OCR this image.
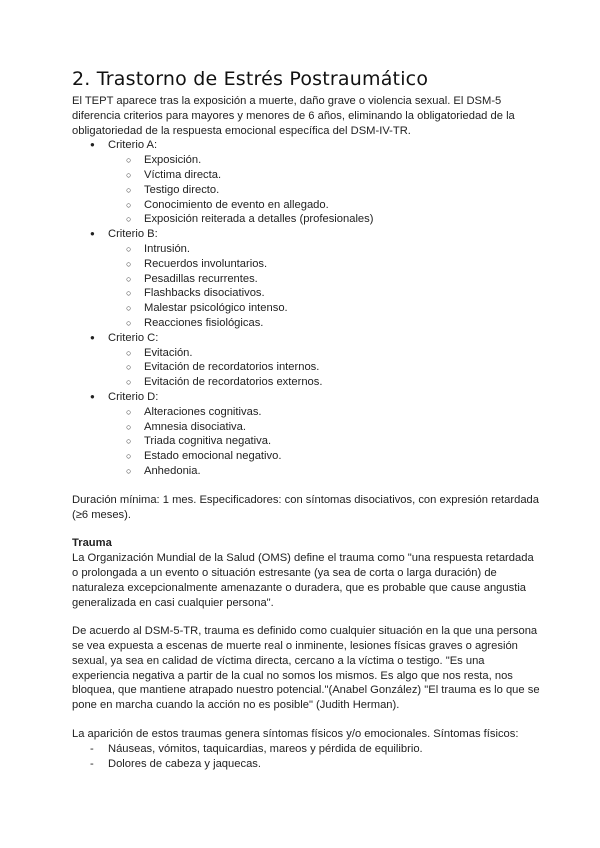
2. Trastorno de Estrés Postraumático

El TEPT aparece tras la exposición a muerte, daño grave o violencia sexual. El DSM-5 diferencia criterios para mayores y menores de 6 años, eliminando la obligatoriedad de la obligatoriedad de la respuesta emocional específica del DSM-IV-TR.

● Criterio A:
○ Exposición.
○ Víctima directa.
○ Testigo directo.
○ Conocimiento de evento en allegado.
○ Exposición reiterada a detalles (profesionales)
● Criterio B:
○ Intrusión.
○ Recuerdos involuntarios.
○ Pesadillas recurrentes.
○ Flashbacks disociativos.
○ Malestar psicológico intenso.
○ Reacciones fisiológicas.
● Criterio C:
○ Evitación.
○ Evitación de recordatorios internos.
○ Evitación de recordatorios externos.
● Criterio D:
○ Alteraciones cognitivas.
○ Amnesia disociativa.
○ Triada cognitiva negativa.
○ Estado emocional negativo.
○ Anhedonia.

Duración mínima: 1 mes. Especificadores: con síntomas disociativos, con expresión retardada (≥6 meses).

Trauma

La Organización Mundial de la Salud (OMS) define el trauma como "una respuesta retardada o prolongada a un evento o situación estresante (ya sea de corta o larga duración) de naturaleza excepcionalmente amenazante o duradera, que es probable que cause angustia generalizada en casi cualquier persona".

De acuerdo al DSM-5-TR, trauma es definido como cualquier situación en la que una persona se vea expuesta a escenas de muerte real o inminente, lesiones físicas graves o agresión sexual, ya sea en calidad de víctima directa, cercano a la víctima o testigo. "Es una experiencia negativa a partir de la cual no somos los mismos. Es algo que nos resta, nos bloquea, que mantiene atrapado nuestro potencial."(Anabel González) "El trauma es lo que se pone en marcha cuando la acción no es posible" (Judith Herman).

La aparición de estos traumas genera síntomas físicos y/o emocionales. Síntomas físicos:

- Náuseas, vómitos, taquicardias, mareos y pérdida de equilibrio.
- Dolores de cabeza y jaquecas.
